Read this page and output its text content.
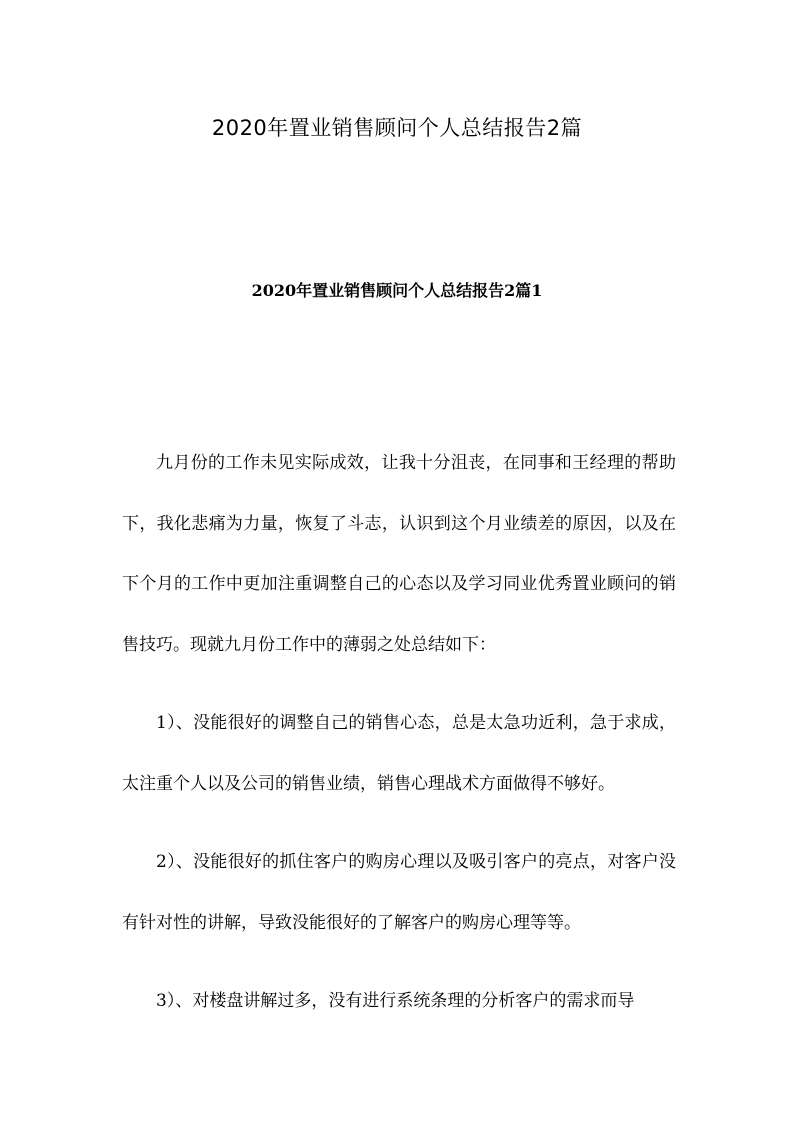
2020年置业销售顾问个人总结报告2篇
2020年置业销售顾问个人总结报告2篇1

九月份的工作未见实际成效，让我十分沮丧，在同事和王经理的帮助下，我化悲痛为力量，恢复了斗志，认识到这个月业绩差的原因，以及在下个月的工作中更加注重调整自己的心态以及学习同业优秀置业顾问的销售技巧。现就九月份工作中的薄弱之处总结如下：

1）、没能很好的调整自己的销售心态，总是太急功近利，急于求成，太注重个人以及公司的销售业绩，销售心理战术方面做得不够好。

2）、没能很好的抓住客户的购房心理以及吸引客户的亮点，对客户没有针对性的讲解，导致没能很好的了解客户的购房心理等等。

3）、对楼盘讲解过多，没有进行系统条理的分析客户的需求而导
